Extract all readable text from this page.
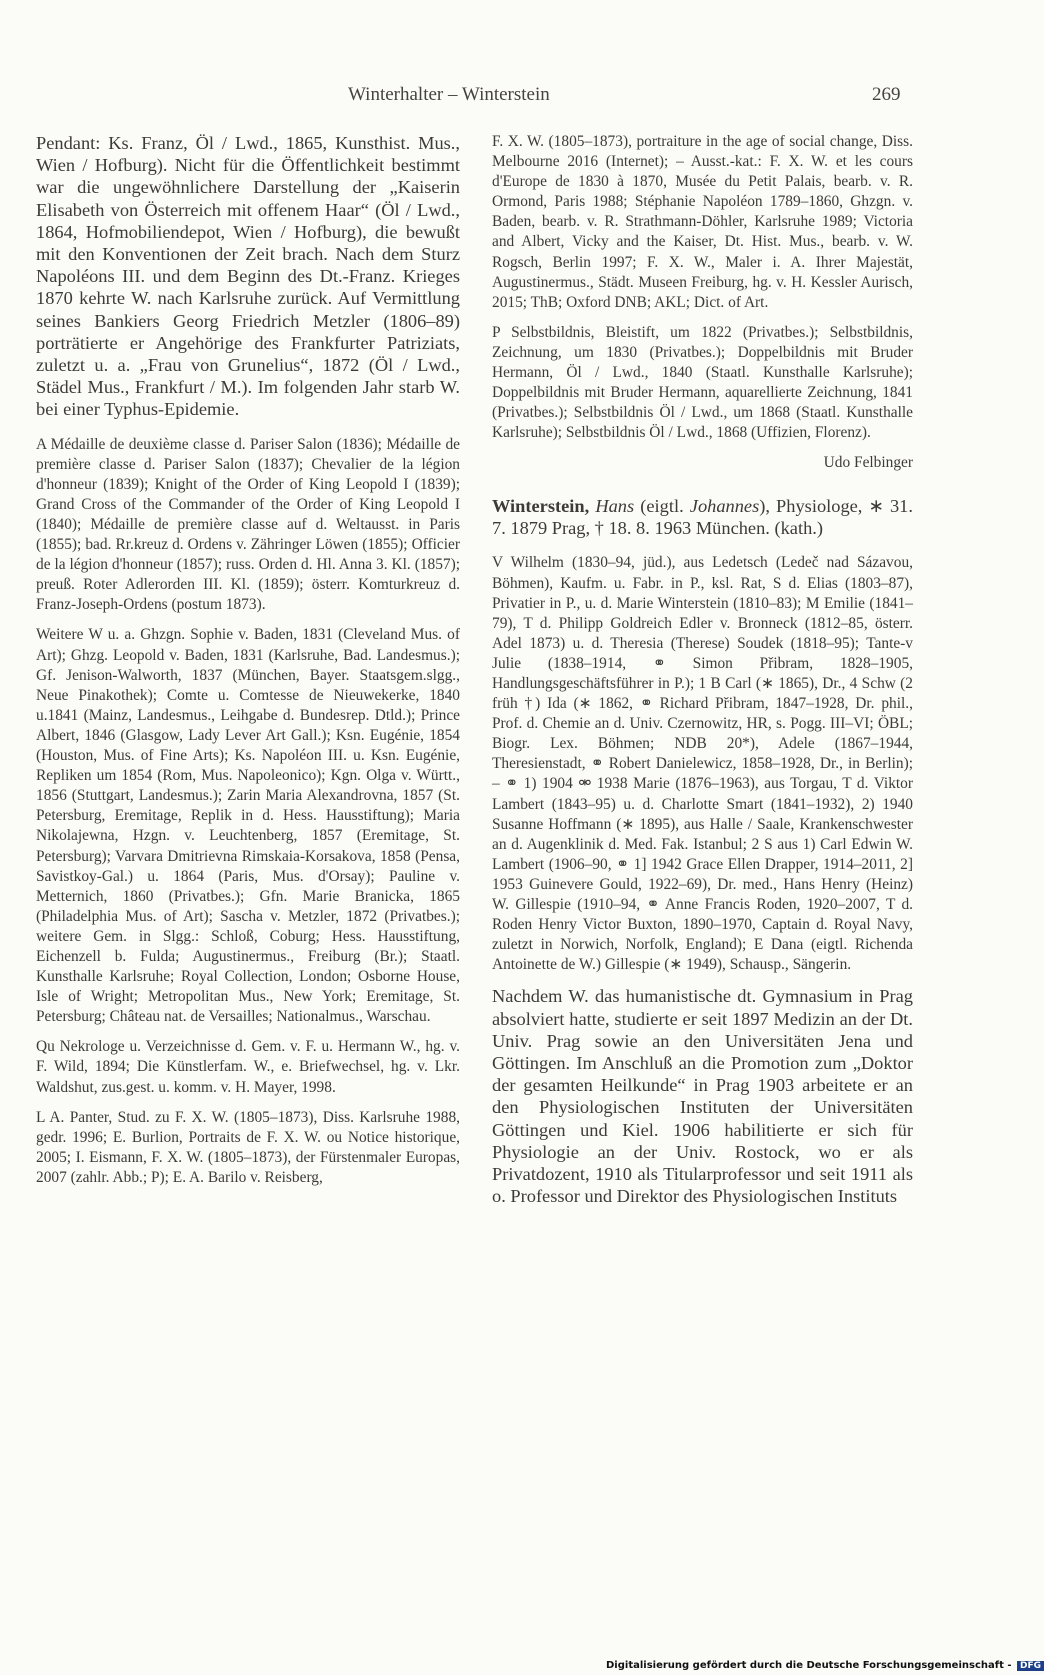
Winterhalter – Winterstein	269

Pendant: Ks. Franz, Öl / Lwd., 1865, Kunsthist. Mus., Wien / Hofburg). Nicht für die Öffentlichkeit bestimmt war die ungewöhnlichere Darstellung der „Kaiserin Elisabeth von Österreich mit offenem Haar“ (Öl / Lwd., 1864, Hofmobiliendepot, Wien / Hofburg), die bewußt mit den Konventionen der Zeit brach. Nach dem Sturz Napoléons III. und dem Beginn des Dt.-Franz. Krieges 1870 kehrte W. nach Karlsruhe zurück. Auf Vermittlung seines Bankiers Georg Friedrich Metzler (1806–89) porträtierte er Angehörige des Frankfurter Patriziats, zuletzt u. a. „Frau von Grunelius“, 1872 (Öl / Lwd., Städel Mus., Frankfurt / M.). Im folgenden Jahr starb W. bei einer Typhus-Epidemie.

A Médaille de deuxième classe d. Pariser Salon (1836); Médaille de première classe d. Pariser Salon (1837); Chevalier de la légion d'honneur (1839); Knight of the Order of King Leopold I (1839); Grand Cross of the Commander of the Order of King Leopold I (1840); Médaille de première classe auf d. Weltausst. in Paris (1855); bad. Rr.kreuz d. Ordens v. Zähringer Löwen (1855); Officier de la légion d'honneur (1857); russ. Orden d. Hl. Anna 3. Kl. (1857); preuß. Roter Adlerorden III. Kl. (1859); österr. Komturkreuz d. Franz-Joseph-Ordens (postum 1873).

Weitere W u. a. Ghzgn. Sophie v. Baden, 1831 (Cleveland Mus. of Art); Ghzg. Leopold v. Baden, 1831 (Karlsruhe, Bad. Landesmus.); Gf. Jenison-Walworth, 1837 (München, Bayer. Staatsgem.slgg., Neue Pinakothek); Comte u. Comtesse de Nieuwekerke, 1840 u.1841 (Mainz, Landesmus., Leihgabe d. Bundesrep. Dtld.); Prince Albert, 1846 (Glasgow, Lady Lever Art Gall.); Ksn. Eugénie, 1854 (Houston, Mus. of Fine Arts); Ks. Napoléon III. u. Ksn. Eugénie, Repliken um 1854 (Rom, Mus. Napoleonico); Kgn. Olga v. Württ., 1856 (Stuttgart, Landesmus.); Zarin Maria Alexandrovna, 1857 (St. Petersburg, Eremitage, Replik in d. Hess. Hausstiftung); Maria Nikolajewna, Hzgn. v. Leuchtenberg, 1857 (Eremitage, St. Petersburg); Varvara Dmitrievna Rimskaia-Korsakova, 1858 (Pensa, Savistkoy-Gal.) u. 1864 (Paris, Mus. d'Orsay); Pauline v. Metternich, 1860 (Privatbes.); Gfn. Marie Branicka, 1865 (Philadelphia Mus. of Art); Sascha v. Metzler, 1872 (Privatbes.); weitere Gem. in Slgg.: Schloß, Coburg; Hess. Hausstiftung, Eichenzell b. Fulda; Augustinermus., Freiburg (Br.); Staatl. Kunsthalle Karlsruhe; Royal Collection, London; Osborne House, Isle of Wright; Metropolitan Mus., New York; Eremitage, St. Petersburg; Château nat. de Versailles; Nationalmus., Warschau.

Qu Nekrologe u. Verzeichnisse d. Gem. v. F. u. Hermann W., hg. v. F. Wild, 1894; Die Künstlerfam. W., e. Briefwechsel, hg. v. Lkr. Waldshut, zus.gest. u. komm. v. H. Mayer, 1998.

L A. Panter, Stud. zu F. X. W. (1805–1873), Diss. Karlsruhe 1988, gedr. 1996; E. Burlion, Portraits de F. X. W. ou Notice historique, 2005; I. Eismann, F. X. W. (1805–1873), der Fürstenmaler Europas, 2007 (zahlr. Abb.; P); E. A. Barilo v. Reisberg,

F. X. W. (1805–1873), portraiture in the age of social change, Diss. Melbourne 2016 (Internet); – Ausst.-kat.: F. X. W. et les cours d'Europe de 1830 à 1870, Musée du Petit Palais, bearb. v. R. Ormond, Paris 1988; Stéphanie Napoléon 1789–1860, Ghzgn. v. Baden, bearb. v. R. Strathmann-Döhler, Karlsruhe 1989; Victoria and Albert, Vicky and the Kaiser, Dt. Hist. Mus., bearb. v. W. Rogsch, Berlin 1997; F. X. W., Maler i. A. Ihrer Majestät, Augustinermus., Städt. Museen Freiburg, hg. v. H. Kessler Aurisch, 2015; ThB; Oxford DNB; AKL; Dict. of Art.

P Selbstbildnis, Bleistift, um 1822 (Privatbes.); Selbstbildnis, Zeichnung, um 1830 (Privatbes.); Doppelbildnis mit Bruder Hermann, Öl / Lwd., 1840 (Staatl. Kunsthalle Karlsruhe); Doppelbildnis mit Bruder Hermann, aquarellierte Zeichnung, 1841 (Privatbes.); Selbstbildnis Öl / Lwd., um 1868 (Staatl. Kunsthalle Karlsruhe); Selbstbildnis Öl / Lwd., 1868 (Uffizien, Florenz).

Udo Felbinger

Winterstein, Hans (eigtl. Johannes), Physiologe, ∗ 31. 7. 1879 Prag, † 18. 8. 1963 München. (kath.)

V Wilhelm (1830–94, jüd.), aus Ledetsch (Ledeč nad Sázavou, Böhmen), Kaufm. u. Fabr. in P., ksl. Rat, S d. Elias (1803–87), Privatier in P., u. d. Marie Winterstein (1810–83); M Emilie (1841–79), T d. Philipp Goldreich Edler v. Bronneck (1812–85, österr. Adel 1873) u. d. Theresia (Therese) Soudek (1818–95); Tante-v Julie (1838–1914, ⚭ Simon Přibram, 1828–1905, Handlungsgeschäftsführer in P.); 1 B Carl (∗ 1865), Dr., 4 Schw (2 früh †) Ida (∗ 1862, ⚭ Richard Přibram, 1847–1928, Dr. phil., Prof. d. Chemie an d. Univ. Czernowitz, HR, s. Pogg. III–VI; ÖBL; Biogr. Lex. Böhmen; NDB 20*), Adele (1867–1944, Theresienstadt, ⚭ Robert Danielewicz, 1858–1928, Dr., in Berlin); – ⚭ 1) 1904 ⚮ 1938 Marie (1876–1963), aus Torgau, T d. Viktor Lambert (1843–95) u. d. Charlotte Smart (1841–1932), 2) 1940 Susanne Hoffmann (∗ 1895), aus Halle / Saale, Krankenschwester an d. Augenklinik d. Med. Fak. Istanbul; 2 S aus 1) Carl Edwin W. Lambert (1906–90, ⚭ 1] 1942 Grace Ellen Drapper, 1914–2011, 2] 1953 Guinevere Gould, 1922–69), Dr. med., Hans Henry (Heinz) W. Gillespie (1910–94, ⚭ Anne Francis Roden, 1920–2007, T d. Roden Henry Victor Buxton, 1890–1970, Captain d. Royal Navy, zuletzt in Norwich, Norfolk, England); E Dana (eigtl. Richenda Antoinette de W.) Gillespie (∗ 1949), Schausp., Sängerin.

Nachdem W. das humanistische dt. Gymnasium in Prag absolviert hatte, studierte er seit 1897 Medizin an der Dt. Univ. Prag sowie an den Universitäten Jena und Göttingen. Im Anschluß an die Promotion zum „Doktor der gesamten Heilkunde“ in Prag 1903 arbeitete er an den Physiologischen Instituten der Universitäten Göttingen und Kiel. 1906 habilitierte er sich für Physiologie an der Univ. Rostock, wo er als Privatdozent, 1910 als Titularprofessor und seit 1911 als o. Professor und Direktor des Physiologischen Instituts

Digitalisierung gefördert durch die Deutsche Forschungsgemeinschaft - DFG
